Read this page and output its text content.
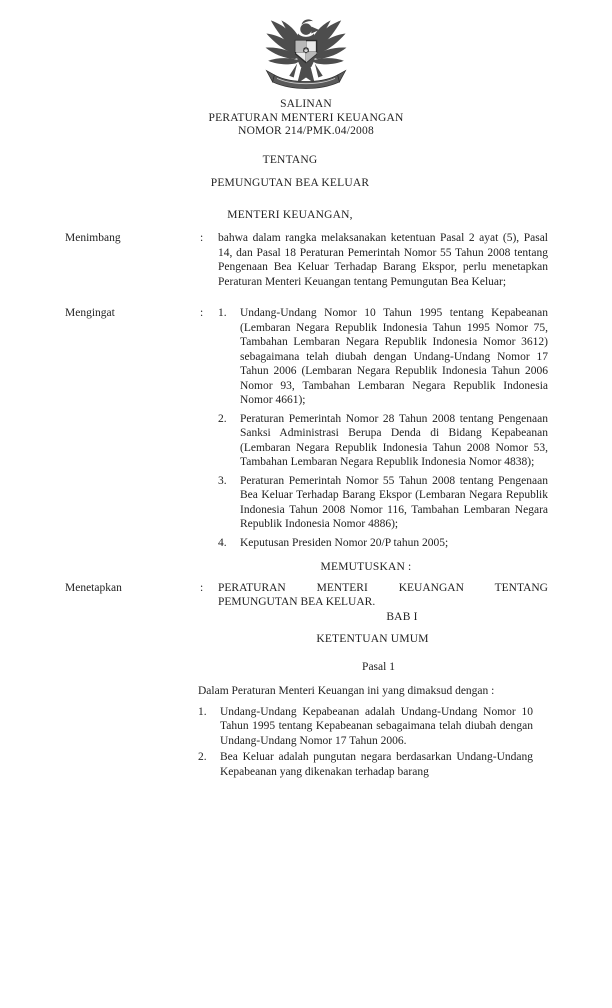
SALINAN
PERATURAN MENTERI KEUANGAN
NOMOR 214/PMK.04/2008
TENTANG
PEMUNGUTAN BEA KELUAR
MENTERI KEUANGAN,
Menimbang	:	bahwa dalam rangka melaksanakan ketentuan Pasal 2 ayat (5), Pasal 14, dan Pasal 18 Peraturan Pemerintah Nomor 55 Tahun 2008 tentang Pengenaan Bea Keluar Terhadap Barang Ekspor, perlu menetapkan Peraturan Menteri Keuangan tentang Pemungutan Bea Keluar;
Mengingat	:	1.	Undang-Undang Nomor 10 Tahun 1995 tentang Kepabeanan (Lembaran Negara Republik Indonesia Tahun 1995 Nomor 75, Tambahan Lembaran Negara Republik Indonesia Nomor 3612) sebagaimana telah diubah dengan Undang-Undang Nomor 17 Tahun 2006 (Lembaran Negara Republik Indonesia Tahun 2006 Nomor 93, Tambahan Lembaran Negara Republik Indonesia Nomor 4661);
2.	Peraturan Pemerintah Nomor 28 Tahun 2008 tentang Pengenaan Sanksi Administrasi Berupa Denda di Bidang Kepabeanan (Lembaran Negara Republik Indonesia Tahun 2008 Nomor 53, Tambahan Lembaran Negara Republik Indonesia Nomor 4838);
3.	Peraturan Pemerintah Nomor 55 Tahun 2008 tentang Pengenaan Bea Keluar Terhadap Barang Ekspor (Lembaran Negara Republik Indonesia Tahun 2008 Nomor 116, Tambahan Lembaran Negara Republik Indonesia Nomor 4886);
4.	Keputusan Presiden Nomor 20/P tahun 2005;
MEMUTUSKAN :
Menetapkan	:	PERATURAN MENTERI KEUANGAN TENTANG
PEMUNGUTAN BEA KELUAR.
BAB I
KETENTUAN UMUM
Pasal 1
Dalam Peraturan Menteri Keuangan ini yang dimaksud dengan :
1.	Undang-Undang Kepabeanan adalah Undang-Undang Nomor 10 Tahun 1995 tentang Kepabeanan sebagaimana telah diubah dengan Undang-Undang Nomor 17 Tahun 2006.
2.	Bea Keluar adalah pungutan negara berdasarkan Undang-Undang Kepabeanan yang dikenakan terhadap barang
